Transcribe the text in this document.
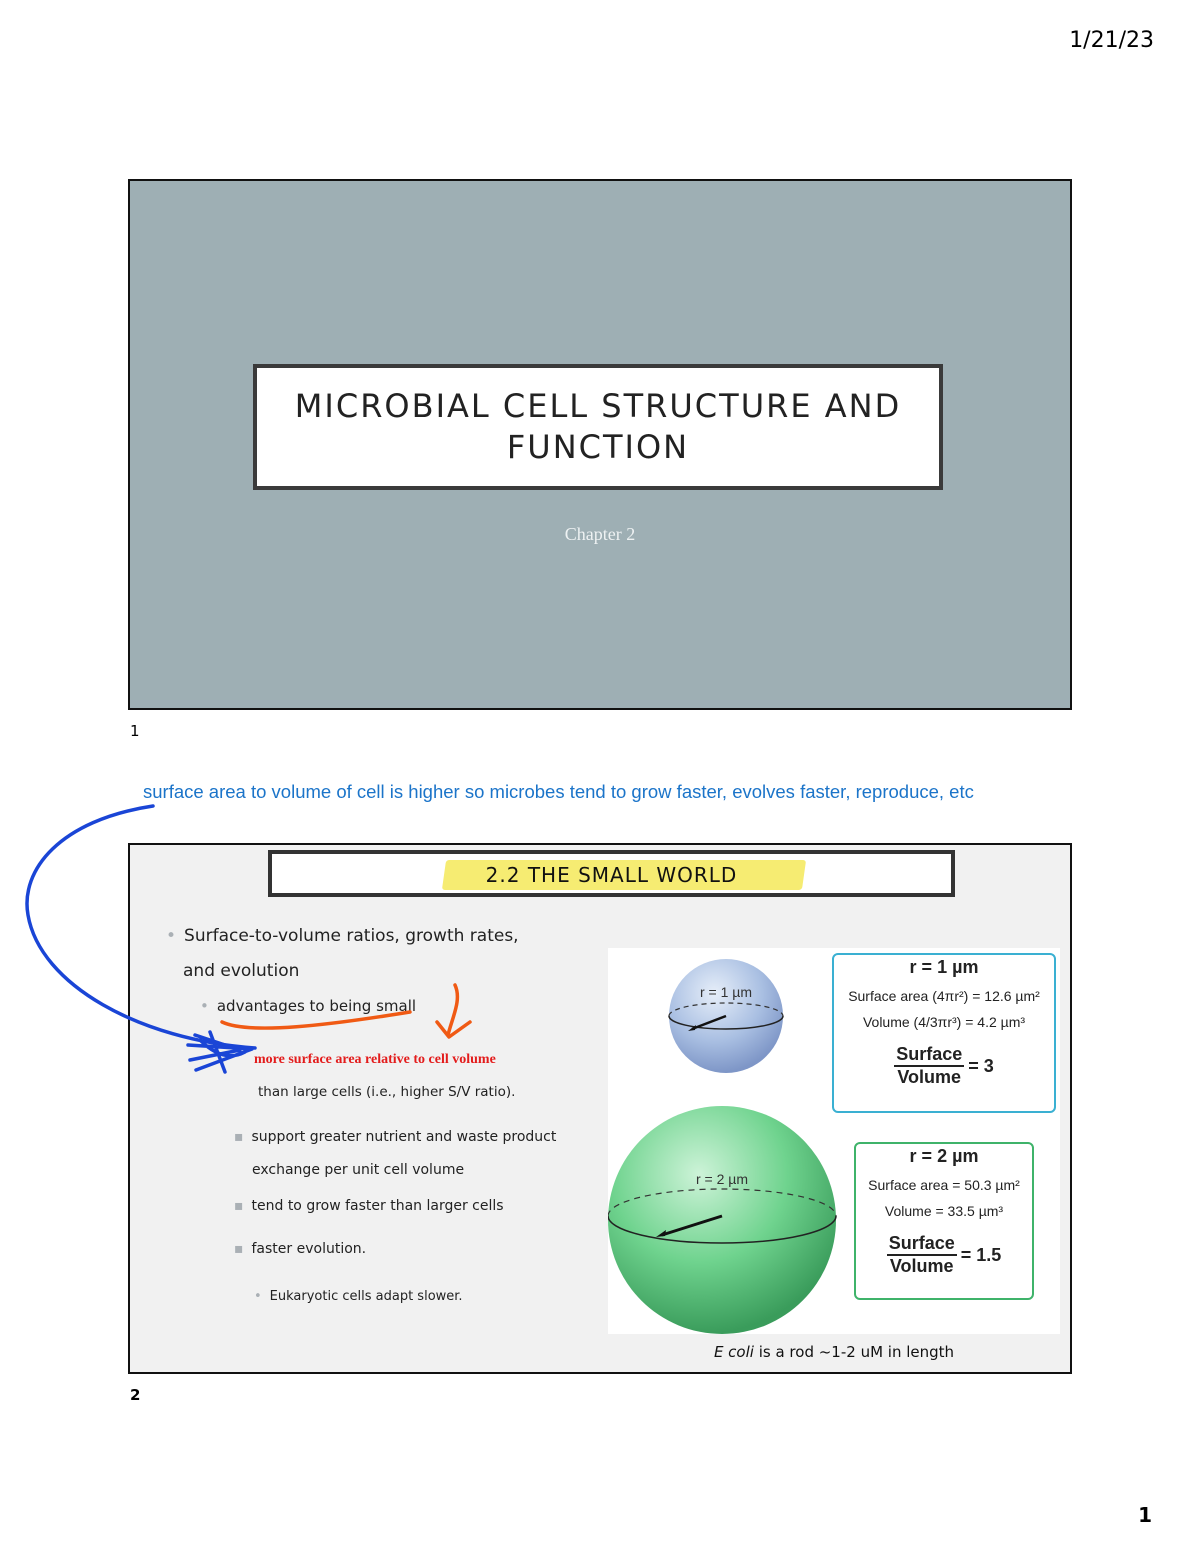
1/21/23
MICROBIAL CELL STRUCTURE AND FUNCTION
Chapter 2
1
surface area to volume of cell is higher so microbes tend to grow faster, evolves faster, reproduce, etc
2.2 THE SMALL WORLD
• Surface-to-volume ratios, growth rates,
and evolution
• advantages to being small
more surface area relative to cell volume
than large cells (i.e., higher S/V ratio).
▪ support greater nutrient and waste product
exchange per unit cell volume
▪ tend to grow faster than larger cells
▪ faster evolution.
• Eukaryotic cells adapt slower.
r = 1 µm
r = 2 µm
r = 1 µm
Surface area (4πr²) = 12.6 µm²
Volume (4/3πr³) = 4.2 µm³
$\frac{\text{Surface}}{\text{Volume}} = 3$
r = 2 µm
Surface area = 50.3 µm²
Volume = 33.5 µm³
$\frac{\text{Surface}}{\text{Volume}} = 1.5$
E coli is a rod ~1-2 uM in length
2
1
